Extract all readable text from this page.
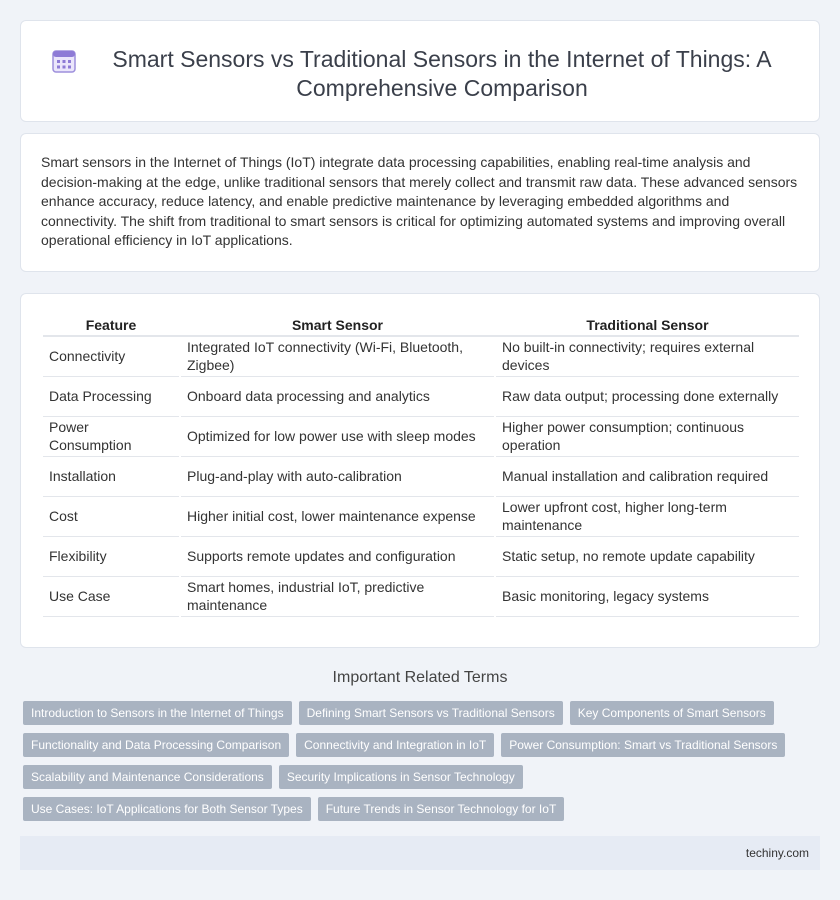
Smart Sensors vs Traditional Sensors in the Internet of Things: A Comprehensive Comparison

Smart sensors in the Internet of Things (IoT) integrate data processing capabilities, enabling real-time analysis and decision-making at the edge, unlike traditional sensors that merely collect and transmit raw data. These advanced sensors enhance accuracy, reduce latency, and enable predictive maintenance by leveraging embedded algorithms and connectivity. The shift from traditional to smart sensors is critical for optimizing automated systems and improving overall operational efficiency in IoT applications.

Feature	Smart Sensor	Traditional Sensor
Connectivity	Integrated IoT connectivity (Wi-Fi, Bluetooth, Zigbee)	No built-in connectivity; requires external devices
Data Processing	Onboard data processing and analytics	Raw data output; processing done externally
Power Consumption	Optimized for low power use with sleep modes	Higher power consumption; continuous operation
Installation	Plug-and-play with auto-calibration	Manual installation and calibration required
Cost	Higher initial cost, lower maintenance expense	Lower upfront cost, higher long-term maintenance
Flexibility	Supports remote updates and configuration	Static setup, no remote update capability
Use Case	Smart homes, industrial IoT, predictive maintenance	Basic monitoring, legacy systems
Important Related Terms
Introduction to Sensors in the Internet of Things	Defining Smart Sensors vs Traditional Sensors	Key Components of Smart Sensors
Functionality and Data Processing Comparison	Connectivity and Integration in IoT	Power Consumption: Smart vs Traditional Sensors
Scalability and Maintenance Considerations	Security Implications in Sensor Technology
Use Cases: IoT Applications for Both Sensor Types	Future Trends in Sensor Technology for IoT
techiny.com
